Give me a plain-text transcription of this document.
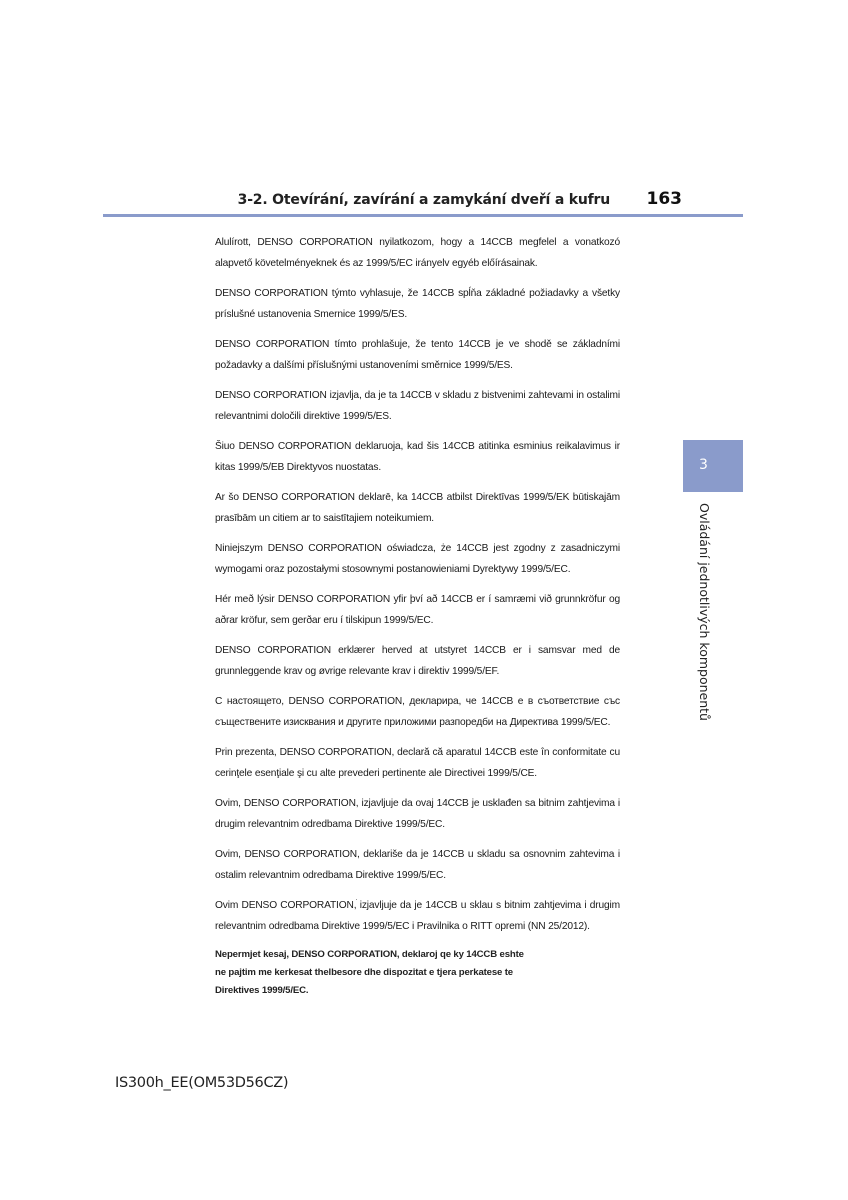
3-2. Otevírání, zavírání a zamykání dveří a kufru 163

Alulírott, DENSO CORPORATION nyilatkozom, hogy a 14CCB megfelel a vonatkozó alapvető követelményeknek és az 1999/5/EC irányelv egyéb előírásainak.

DENSO CORPORATION týmto vyhlasuje, že 14CCB spĺňa základné požiadavky a všetky príslušné ustanovenia Smernice 1999/5/ES.

DENSO CORPORATION tímto prohlašuje, že tento 14CCB je ve shodě se základními požadavky a dalšími příslušnými ustanoveními směrnice 1999/5/ES.

DENSO CORPORATION izjavlja, da je ta 14CCB v skladu z bistvenimi zahtevami in ostalimi relevantnimi določili direktive 1999/5/ES.

Šiuo DENSO CORPORATION deklaruoja, kad šis 14CCB atitinka esminius reikalavimus ir kitas 1999/5/EB Direktyvos nuostatas.

Ar šo DENSO CORPORATION deklarē, ka 14CCB atbilst Direktīvas 1999/5/EK būtiskajām prasībām un citiem ar to saistītajiem noteikumiem.

Niniejszym DENSO CORPORATION oświadcza, że 14CCB jest zgodny z zasadniczymi wymogami oraz pozostałymi stosownymi postanowieniami Dyrektywy 1999/5/EC.

Hér með lýsir DENSO CORPORATION yfir því að 14CCB er í samræmi við grunnkröfur og aðrar kröfur, sem gerðar eru í tilskipun 1999/5/EC.

DENSO CORPORATION erklærer herved at utstyret 14CCB er i samsvar med de grunnleggende krav og øvrige relevante krav i direktiv 1999/5/EF.

С настоящето, DENSO CORPORATION, декларира, че 14CCB е в съответствие със съществените изисквания и другите приложими разпоредби на Директива 1999/5/EC.

Prin prezenta, DENSO CORPORATION, declară că aparatul 14CCB este în conformitate cu cerinţele esenţiale şi cu alte prevederi pertinente ale Directivei 1999/5/CE.

Ovim, DENSO CORPORATION, izjavljuje da ovaj 14CCB je usklađen sa bitnim zahtjevima i drugim relevantnim odredbama Direktive 1999/5/EC.

Ovim, DENSO CORPORATION, deklariše da je 14CCB u skladu sa osnovnim zahtevima i ostalim relevantnim odredbama Direktive 1999/5/EC.

Ovim DENSO CORPORATION, izjavljuje da je 14CCB u sklau s bitnim zahtjevima i drugim relevantnim odredbama Direktive 1999/5/EC i Pravilnika o RITT opremi (NN 25/2012).

Nepermjet kesaj, DENSO CORPORATION, deklaroj qe ky 14CCB eshte
ne pajtim me kerkesat thelbesore dhe dispozitat e tjera perkatese te
Direktives 1999/5/EC.

3
Ovládání jednotlivých komponentů
IS300h_EE(OM53D56CZ)
